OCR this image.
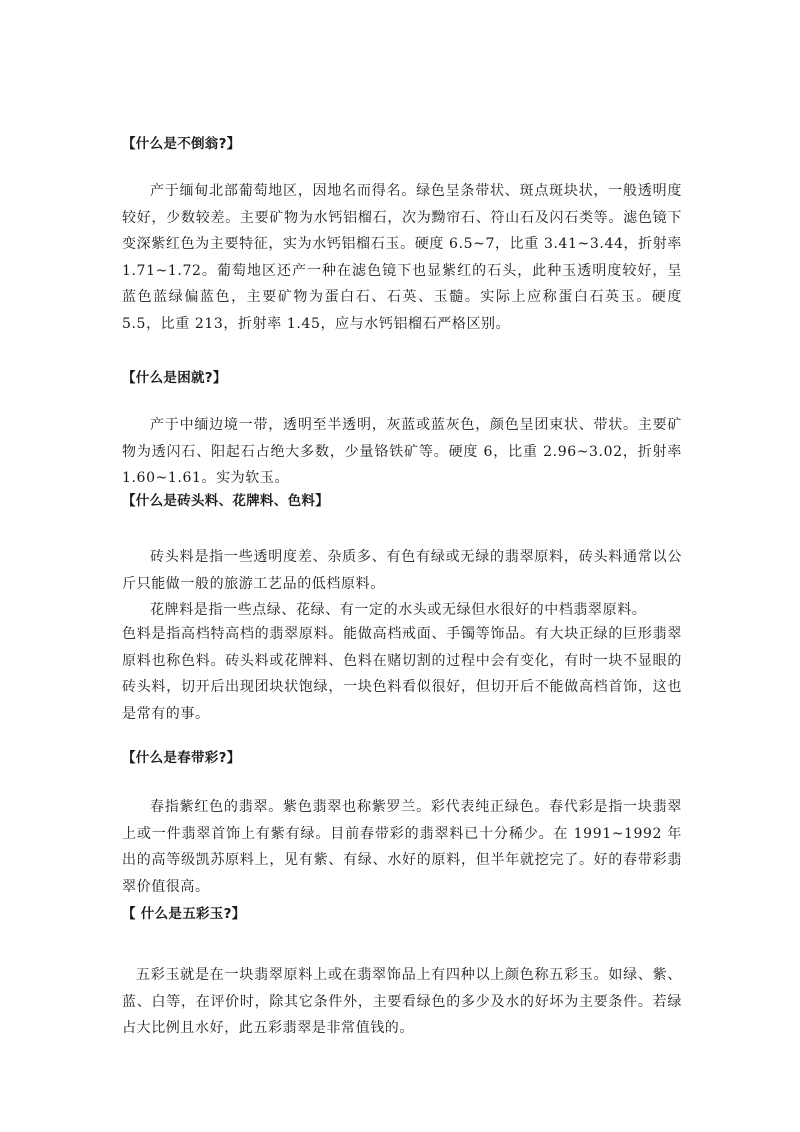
【什么是不倒翁?】

产于缅甸北部葡萄地区，因地名而得名。绿色呈条带状、斑点斑块状，一般透明度较好，少数较差。主要矿物为水钙铝榴石，次为黝帘石、符山石及闪石类等。滤色镜下变深紫红色为主要特征，实为水钙铝榴石玉。硬度 6.5~7，比重 3.41~3.44，折射率 1.71~1.72。葡萄地区还产一种在滤色镜下也显紫红的石头，此种玉透明度较好，呈蓝色蓝绿偏蓝色，主要矿物为蛋白石、石英、玉髓。实际上应称蛋白石英玉。硬度 5.5，比重 213，折射率 1.45，应与水钙铝榴石严格区别。

【什么是困就?】

产于中缅边境一带，透明至半透明，灰蓝或蓝灰色，颜色呈团束状、带状。主要矿物为透闪石、阳起石占绝大多数，少量铬铁矿等。硬度 6，比重 2.96~3.02，折射率 1.60~1.61。实为软玉。

【什么是砖头料、花牌料、色料】

砖头料是指一些透明度差、杂质多、有色有绿或无绿的翡翠原料，砖头料通常以公斤只能做一般的旅游工艺品的低档原料。

花牌料是指一些点绿、花绿、有一定的水头或无绿但水很好的中档翡翠原料。

色料是指高档特高档的翡翠原料。能做高档戒面、手镯等饰品。有大块正绿的巨形翡翠原料也称色料。砖头料或花牌料、色料在赌切割的过程中会有变化，有时一块不显眼的砖头料，切开后出现团块状饱绿，一块色料看似很好，但切开后不能做高档首饰，这也是常有的事。

【什么是春带彩?】

春指紫红色的翡翠。紫色翡翠也称紫罗兰。彩代表纯正绿色。春代彩是指一块翡翠上或一件翡翠首饰上有紫有绿。目前春带彩的翡翠料已十分稀少。在 1991~1992 年出的高等级凯苏原料上，见有紫、有绿、水好的原料，但半年就挖完了。好的春带彩翡翠价值很高。

【 什么是五彩玉?】

五彩玉就是在一块翡翠原料上或在翡翠饰品上有四种以上颜色称五彩玉。如绿、紫、蓝、白等，在评价时，除其它条件外，主要看绿色的多少及水的好坏为主要条件。若绿占大比例且水好，此五彩翡翠是非常值钱的。
